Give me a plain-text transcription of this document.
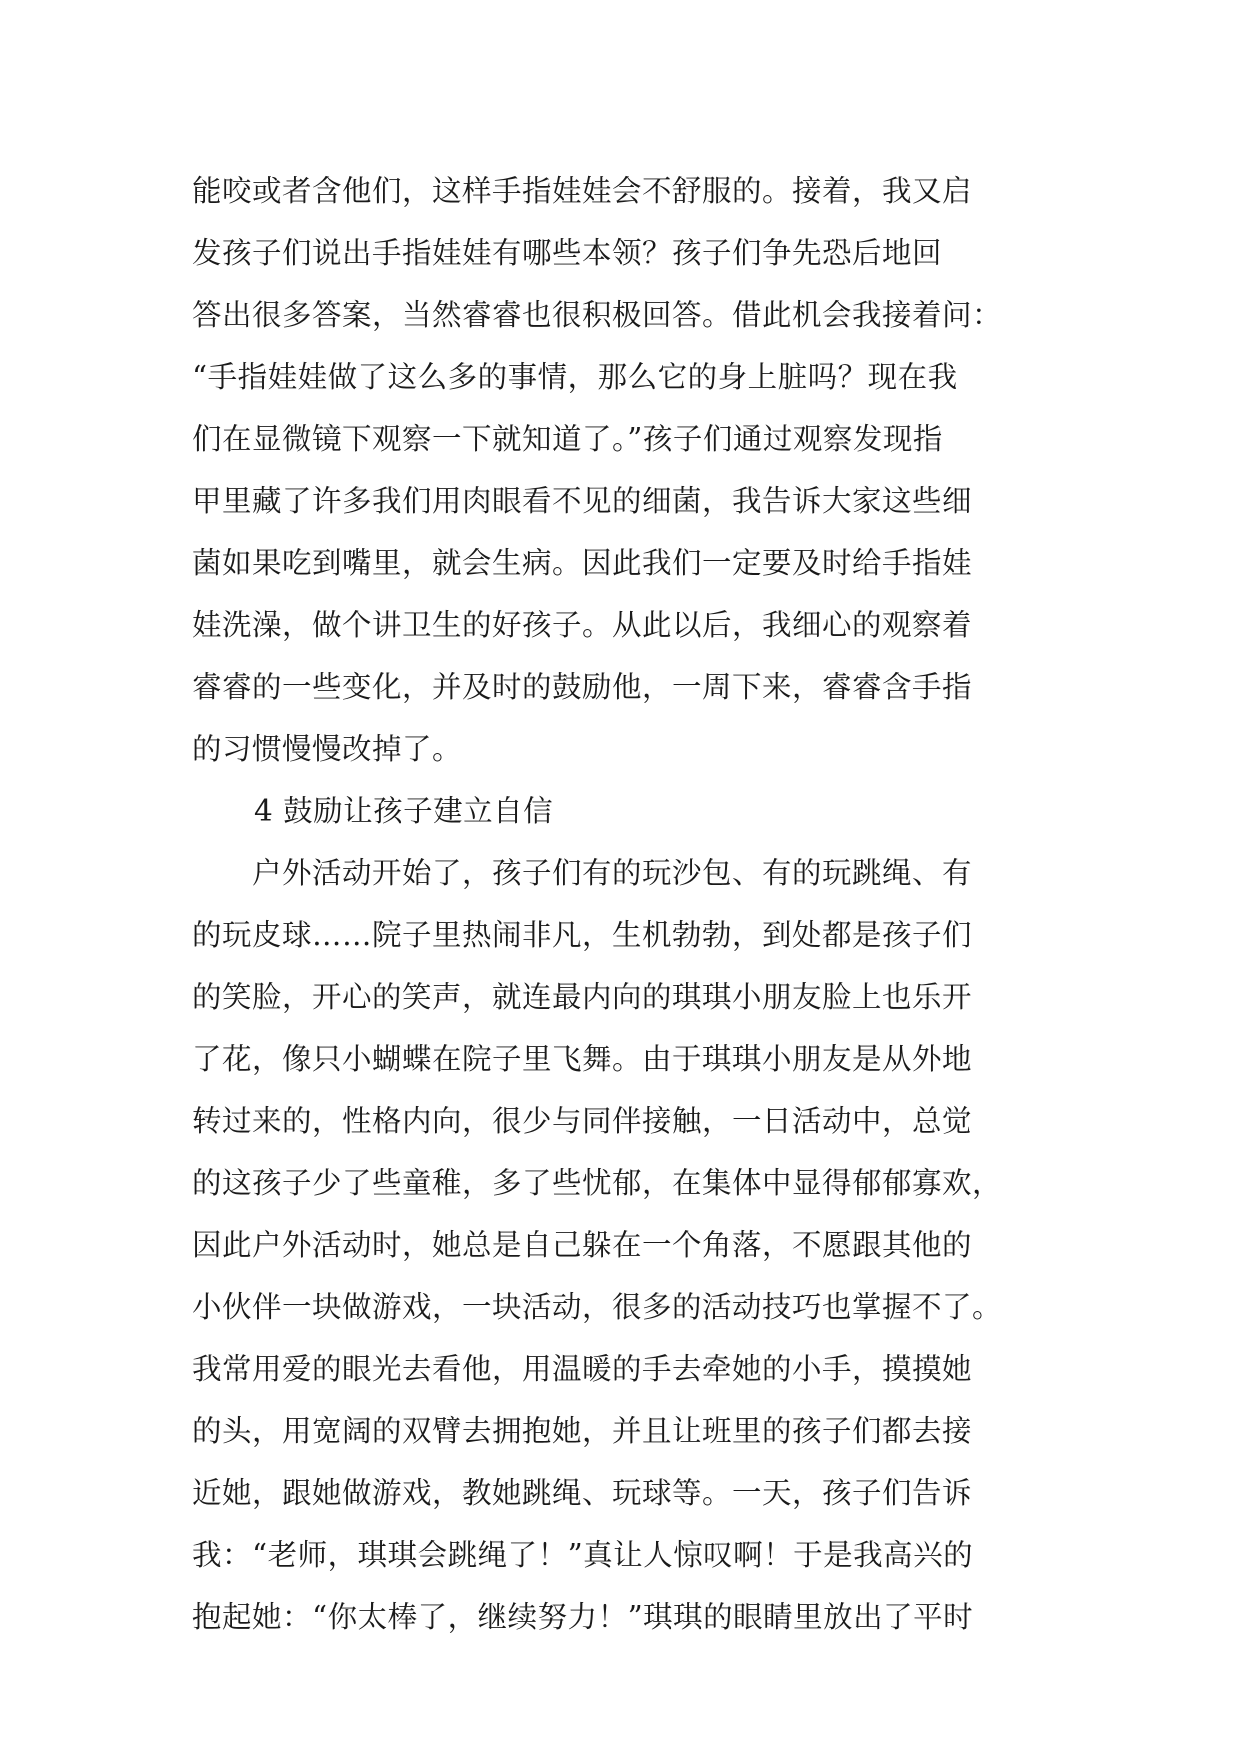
能咬或者含他们，这样手指娃娃会不舒服的。接着，我又启
发孩子们说出手指娃娃有哪些本领？孩子们争先恐后地回
答出很多答案，当然睿睿也很积极回答。借此机会我接着问：
“手指娃娃做了这么多的事情，那么它的身上脏吗？现在我
们在显微镜下观察一下就知道了。”孩子们通过观察发现指
甲里藏了许多我们用肉眼看不见的细菌，我告诉大家这些细
菌如果吃到嘴里，就会生病。因此我们一定要及时给手指娃
娃洗澡，做个讲卫生的好孩子。从此以后，我细心的观察着
睿睿的一些变化，并及时的鼓励他，一周下来，睿睿含手指
的习惯慢慢改掉了。
4 鼓励让孩子建立自信
户外活动开始了，孩子们有的玩沙包、有的玩跳绳、有
的玩皮球……院子里热闹非凡，生机勃勃，到处都是孩子们
的笑脸，开心的笑声，就连最内向的琪琪小朋友脸上也乐开
了花，像只小蝴蝶在院子里飞舞。由于琪琪小朋友是从外地
转过来的，性格内向，很少与同伴接触，一日活动中，总觉
的这孩子少了些童稚，多了些忧郁，在集体中显得郁郁寡欢，
因此户外活动时，她总是自己躲在一个角落，不愿跟其他的
小伙伴一块做游戏，一块活动，很多的活动技巧也掌握不了。
我常用爱的眼光去看他，用温暖的手去牵她的小手，摸摸她
的头，用宽阔的双臂去拥抱她，并且让班里的孩子们都去接
近她，跟她做游戏，教她跳绳、玩球等。一天，孩子们告诉
我：“老师，琪琪会跳绳了！”真让人惊叹啊！于是我高兴的
抱起她：“你太棒了，继续努力！”琪琪的眼睛里放出了平时
